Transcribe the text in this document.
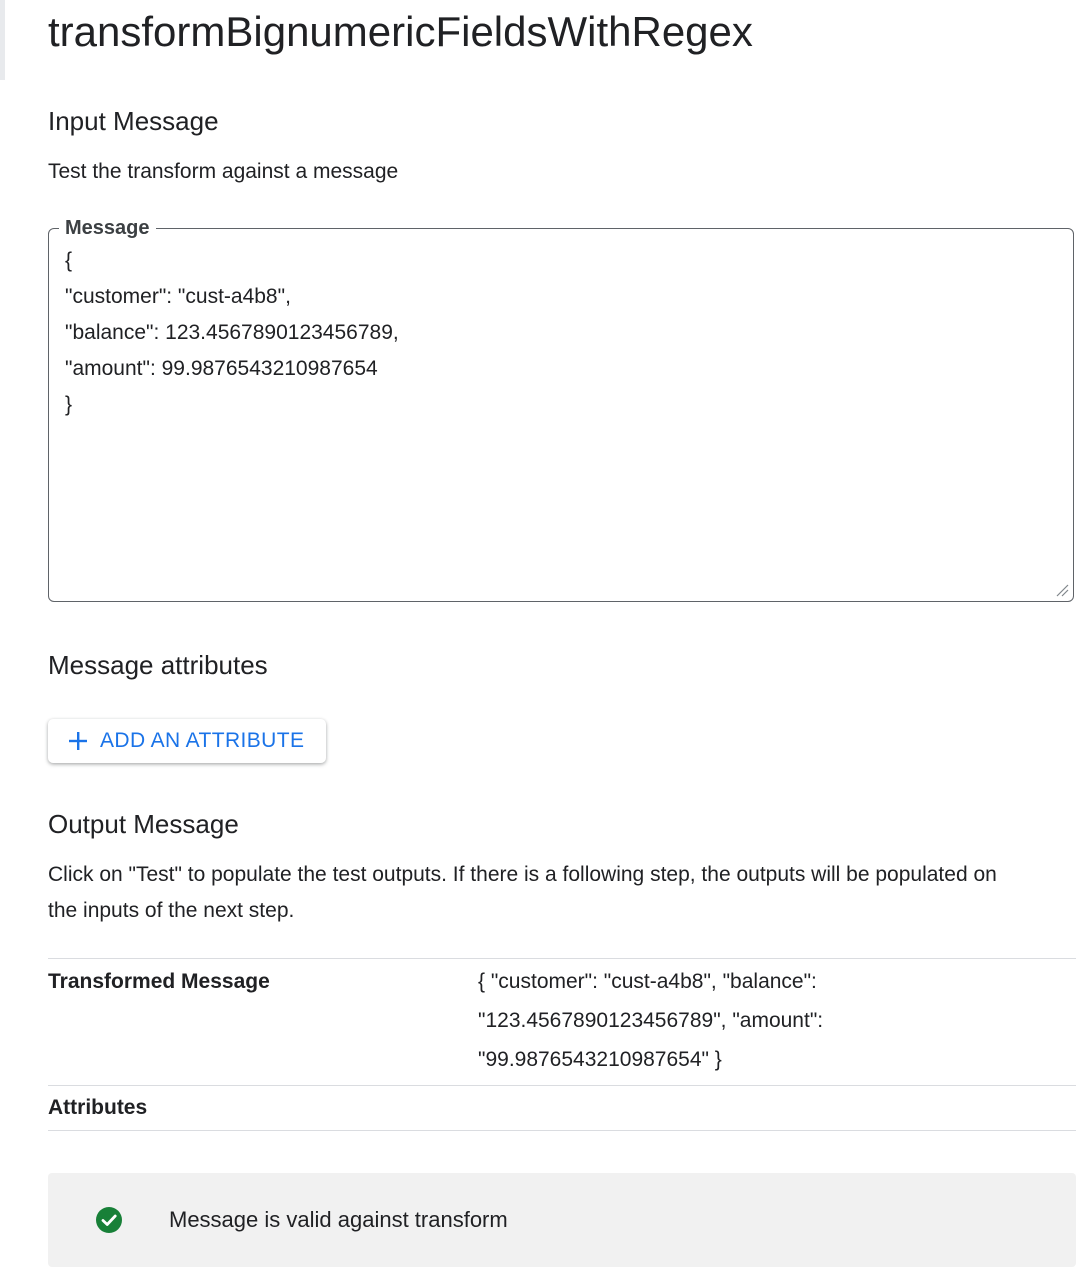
transformBignumericFieldsWithRegex
Input Message
Test the transform against a message
Message
{
"customer": "cust-a4b8",
"balance": 123.4567890123456789,
"amount": 99.9876543210987654
}
Message attributes
ADD AN ATTRIBUTE
Output Message
Click on "Test" to populate the test outputs. If there is a following step, the outputs will be populated on the inputs of the next step.
Transformed Message	{ "customer": "cust-a4b8", "balance": "123.4567890123456789", "amount": "99.9876543210987654" }
Attributes
Message is valid against transform
